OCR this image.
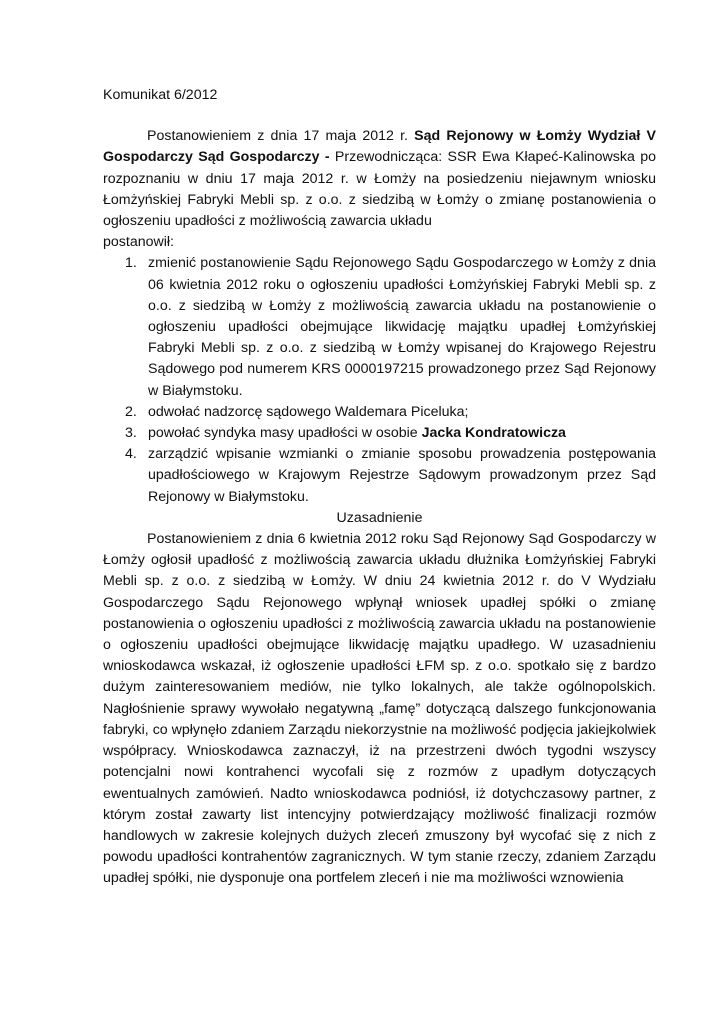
Komunikat 6/2012

Postanowieniem z dnia 17 maja 2012 r. Sąd Rejonowy w Łomży Wydział V Gospodarczy Sąd Gospodarczy - Przewodnicząca: SSR Ewa Kłapeć-Kalinowska po rozpoznaniu w dniu 17 maja 2012 r. w Łomży na posiedzeniu niejawnym wniosku Łomżyńskiej Fabryki Mebli sp. z o.o. z siedzibą w Łomży o zmianę postanowienia o ogłoszeniu upadłości z możliwością zawarcia układu

postanowił:

1. zmienić postanowienie Sądu Rejonowego Sądu Gospodarczego w Łomży z dnia 06 kwietnia 2012 roku o ogłoszeniu upadłości Łomżyńskiej Fabryki Mebli sp. z o.o. z siedzibą w Łomży z możliwością zawarcia układu na postanowienie o ogłoszeniu upadłości obejmujące likwidację majątku upadłej Łomżyńskiej Fabryki Mebli sp. z o.o. z siedzibą w Łomży wpisanej do Krajowego Rejestru Sądowego pod numerem KRS 0000197215 prowadzonego przez Sąd Rejonowy w Białymstoku.
2. odwołać nadzorcę sądowego Waldemara Piceluka;
3. powołać syndyka masy upadłości w osobie Jacka Kondratowicza
4. zarządzić wpisanie wzmianki o zmianie sposobu prowadzenia postępowania upadłościowego w Krajowym Rejestrze Sądowym prowadzonym przez Sąd Rejonowy w Białymstoku.

Uzasadnienie

Postanowieniem z dnia 6 kwietnia 2012 roku Sąd Rejonowy Sąd Gospodarczy w Łomży ogłosił upadłość z możliwością zawarcia układu dłużnika Łomżyńskiej Fabryki Mebli sp. z o.o. z siedzibą w Łomży. W dniu 24 kwietnia 2012 r. do V Wydziału Gospodarczego Sądu Rejonowego wpłynął wniosek upadłej spółki o zmianę postanowienia o ogłoszeniu upadłości z możliwością zawarcia układu na postanowienie o ogłoszeniu upadłości obejmujące likwidację majątku upadłego. W uzasadnieniu wnioskodawca wskazał, iż ogłoszenie upadłości ŁFM sp. z o.o. spotkało się z bardzo dużym zainteresowaniem mediów, nie tylko lokalnych, ale także ogólnopolskich. Nagłośnienie sprawy wywołało negatywną „famę” dotyczącą dalszego funkcjonowania fabryki, co wpłynęło zdaniem Zarządu niekorzystnie na możliwość podjęcia jakiejkolwiek współpracy. Wnioskodawca zaznaczył, iż na przestrzeni dwóch tygodni wszyscy potencjalni nowi kontrahenci wycofali się z rozmów z upadłym dotyczących ewentualnych zamówień. Nadto wnioskodawca podniósł, iż dotychczasowy partner, z którym został zawarty list intencyjny potwierdzający możliwość finalizacji rozmów handlowych w zakresie kolejnych dużych zleceń zmuszony był wycofać się z nich z powodu upadłości kontrahentów zagranicznych. W tym stanie rzeczy, zdaniem Zarządu upadłej spółki, nie dysponuje ona portfelem zleceń i nie ma możliwości wznowienia
